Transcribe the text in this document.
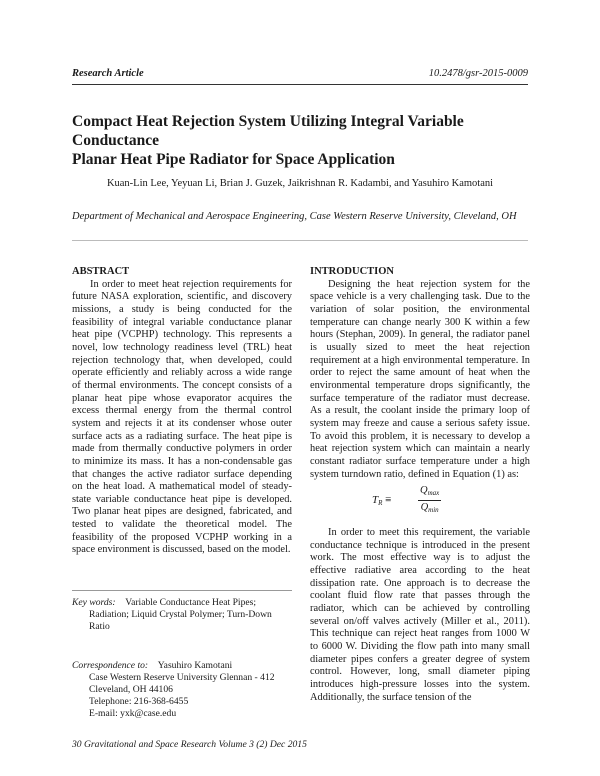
Research Article	10.2478/gsr-2015-0009
Compact Heat Rejection System Utilizing Integral Variable Conductance
Planar Heat Pipe Radiator for Space Application
Kuan-Lin Lee, Yeyuan Li, Brian J. Guzek, Jaikrishnan R. Kadambi, and Yasuhiro Kamotani
Department of Mechanical and Aerospace Engineering, Case Western Reserve University, Cleveland, OH

ABSTRACT

In order to meet heat rejection requirements for future NASA exploration, scientific, and discovery missions, a study is being conducted for the feasibility of integral variable conductance planar heat pipe (VCPHP) technology. This represents a novel, low technology readiness level (TRL) heat rejection technology that, when developed, could operate efficiently and reliably across a wide range of thermal environments. The concept consists of a planar heat pipe whose evaporator acquires the excess thermal energy from the thermal control system and rejects it at its condenser whose outer surface acts as a radiating surface. The heat pipe is made from thermally conductive polymers in order to minimize its mass. It has a non-condensable gas that changes the active radiator surface depending on the heat load. A mathematical model of steady-state variable conductance heat pipe is developed. Two planar heat pipes are designed, fabricated, and tested to validate the theoretical model. The feasibility of the proposed VCPHP working in a space environment is discussed, based on the model.

Key words: Variable Conductance Heat Pipes;
Radiation; Liquid Crystal Polymer; Turn-Down
Ratio
Correspondence to: Yasuhiro Kamotani
Case Western Reserve University Glennan - 412
Cleveland, OH 44106
Telephone: 216-368-6455
E-mail: yxk@case.edu

INTRODUCTION

Designing the heat rejection system for the space vehicle is a very challenging task. Due to the variation of solar position, the environmental temperature can change nearly 300 K within a few hours (Stephan, 2009). In general, the radiator panel is usually sized to meet the heat rejection requirement at a high environmental temperature. In order to reject the same amount of heat when the environmental temperature drops significantly, the surface temperature of the radiator must decrease. As a result, the coolant inside the primary loop of system may freeze and cause a serious safety issue. To avoid this problem, it is necessary to develop a heat rejection system which can maintain a nearly constant radiator surface temperature under a high system turndown ratio, defined in Equation (1) as:

$T_R$ ≡
$Q_{max}$
$Q_{min}$

In order to meet this requirement, the variable conductance technique is introduced in the present work. The most effective way is to adjust the effective radiative area according to the heat dissipation rate. One approach is to decrease the coolant fluid flow rate that passes through the radiator, which can be achieved by controlling several on/off valves actively (Miller et al., 2011). This technique can reject heat ranges from 1000 W to 6000 W. Dividing the flow path into many small diameter pipes confers a greater degree of system control. However, long, small diameter piping introduces high-pressure losses into the system. Additionally, the surface tension of the

30 Gravitational and Space Research Volume 3 (2) Dec 2015
